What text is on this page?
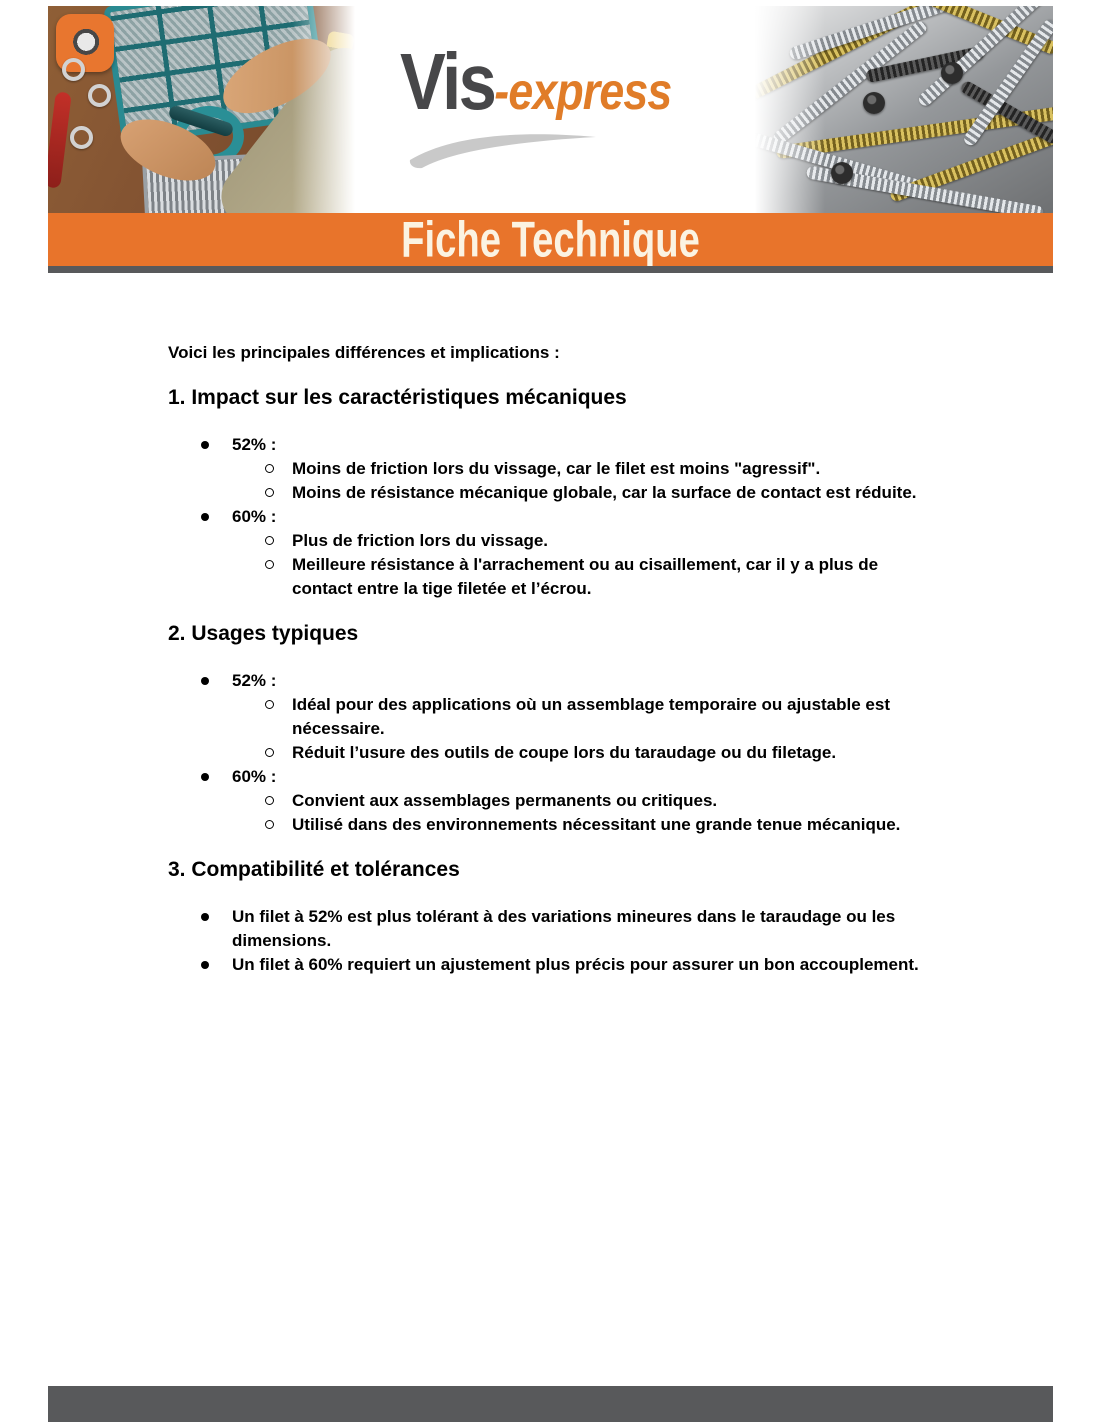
Vis-express
Fiche Technique

Voici les principales différences et implications :

1. Impact sur les caractéristiques mécaniques
52% :
Moins de friction lors du vissage, car le filet est moins "agressif".
Moins de résistance mécanique globale, car la surface de contact est réduite.
60% :
Plus de friction lors du vissage.
Meilleure résistance à l'arrachement ou au cisaillement, car il y a plus de contact entre la tige filetée et l’écrou.
2. Usages typiques
52% :
Idéal pour des applications où un assemblage temporaire ou ajustable est nécessaire.
Réduit l’usure des outils de coupe lors du taraudage ou du filetage.
60% :
Convient aux assemblages permanents ou critiques.
Utilisé dans des environnements nécessitant une grande tenue mécanique.
3. Compatibilité et tolérances
Un filet à 52% est plus tolérant à des variations mineures dans le taraudage ou les dimensions.
Un filet à 60% requiert un ajustement plus précis pour assurer un bon accouplement.
